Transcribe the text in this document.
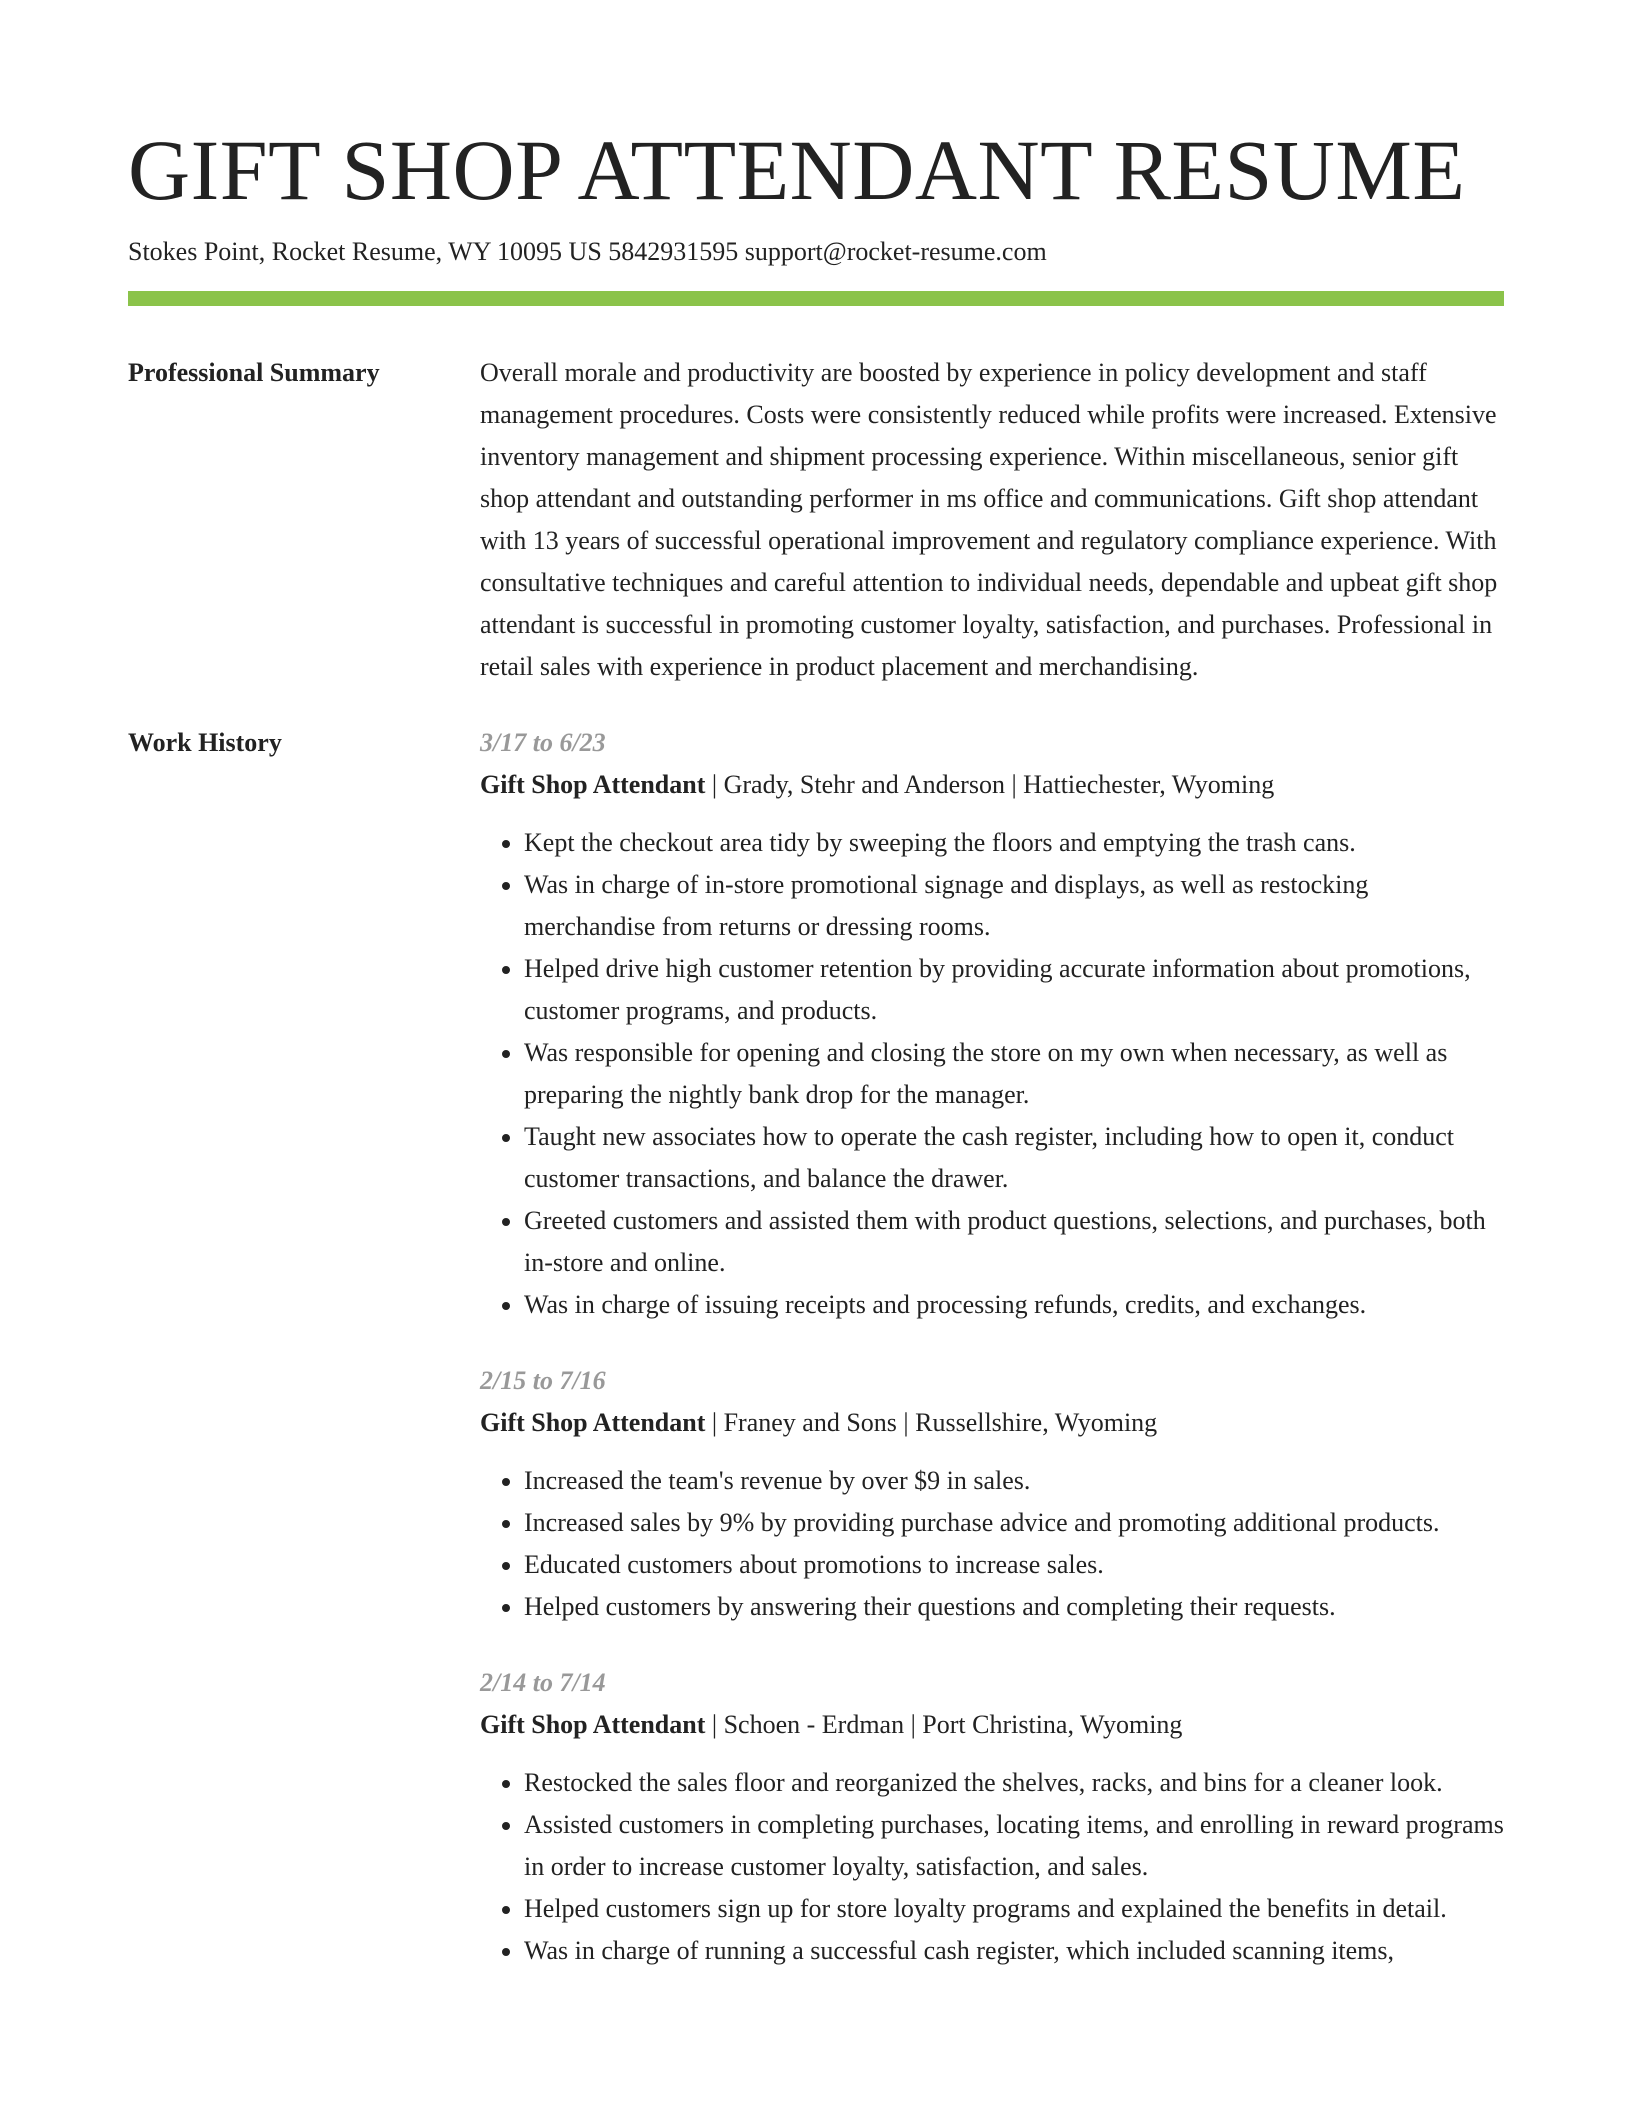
GIFT SHOP ATTENDANT RESUME
Stokes Point, Rocket Resume, WY 10095 US 5842931595 support@rocket-resume.com
Professional Summary	Overall morale and productivity are boosted by experience in policy development and staff management procedures. Costs were consistently reduced while profits were increased. Extensive inventory management and shipment processing experience. Within miscellaneous, senior gift shop attendant and outstanding performer in ms office and communications. Gift shop attendant with 13 years of successful operational improvement and regulatory compliance experience. With consultative techniques and careful attention to individual needs, dependable and upbeat gift shop attendant is successful in promoting customer loyalty, satisfaction, and purchases. Professional in retail sales with experience in product placement and merchandising.

Work History	3/17 to 6/23
Gift Shop Attendant | Grady, Stehr and Anderson | Hattiechester, Wyoming
• Kept the checkout area tidy by sweeping the floors and emptying the trash cans.
• Was in charge of in-store promotional signage and displays, as well as restocking merchandise from returns or dressing rooms.
• Helped drive high customer retention by providing accurate information about promotions, customer programs, and products.
• Was responsible for opening and closing the store on my own when necessary, as well as preparing the nightly bank drop for the manager.
• Taught new associates how to operate the cash register, including how to open it, conduct customer transactions, and balance the drawer.
• Greeted customers and assisted them with product questions, selections, and purchases, both in-store and online.
• Was in charge of issuing receipts and processing refunds, credits, and exchanges.
2/15 to 7/16
Gift Shop Attendant | Franey and Sons | Russellshire, Wyoming
• Increased the team's revenue by over $9 in sales.
• Increased sales by 9% by providing purchase advice and promoting additional products.
• Educated customers about promotions to increase sales.
• Helped customers by answering their questions and completing their requests.
2/14 to 7/14
Gift Shop Attendant | Schoen - Erdman | Port Christina, Wyoming
• Restocked the sales floor and reorganized the shelves, racks, and bins for a cleaner look.
• Assisted customers in completing purchases, locating items, and enrolling in reward programs in order to increase customer loyalty, satisfaction, and sales.
• Helped customers sign up for store loyalty programs and explained the benefits in detail.
• Was in charge of running a successful cash register, which included scanning items,
